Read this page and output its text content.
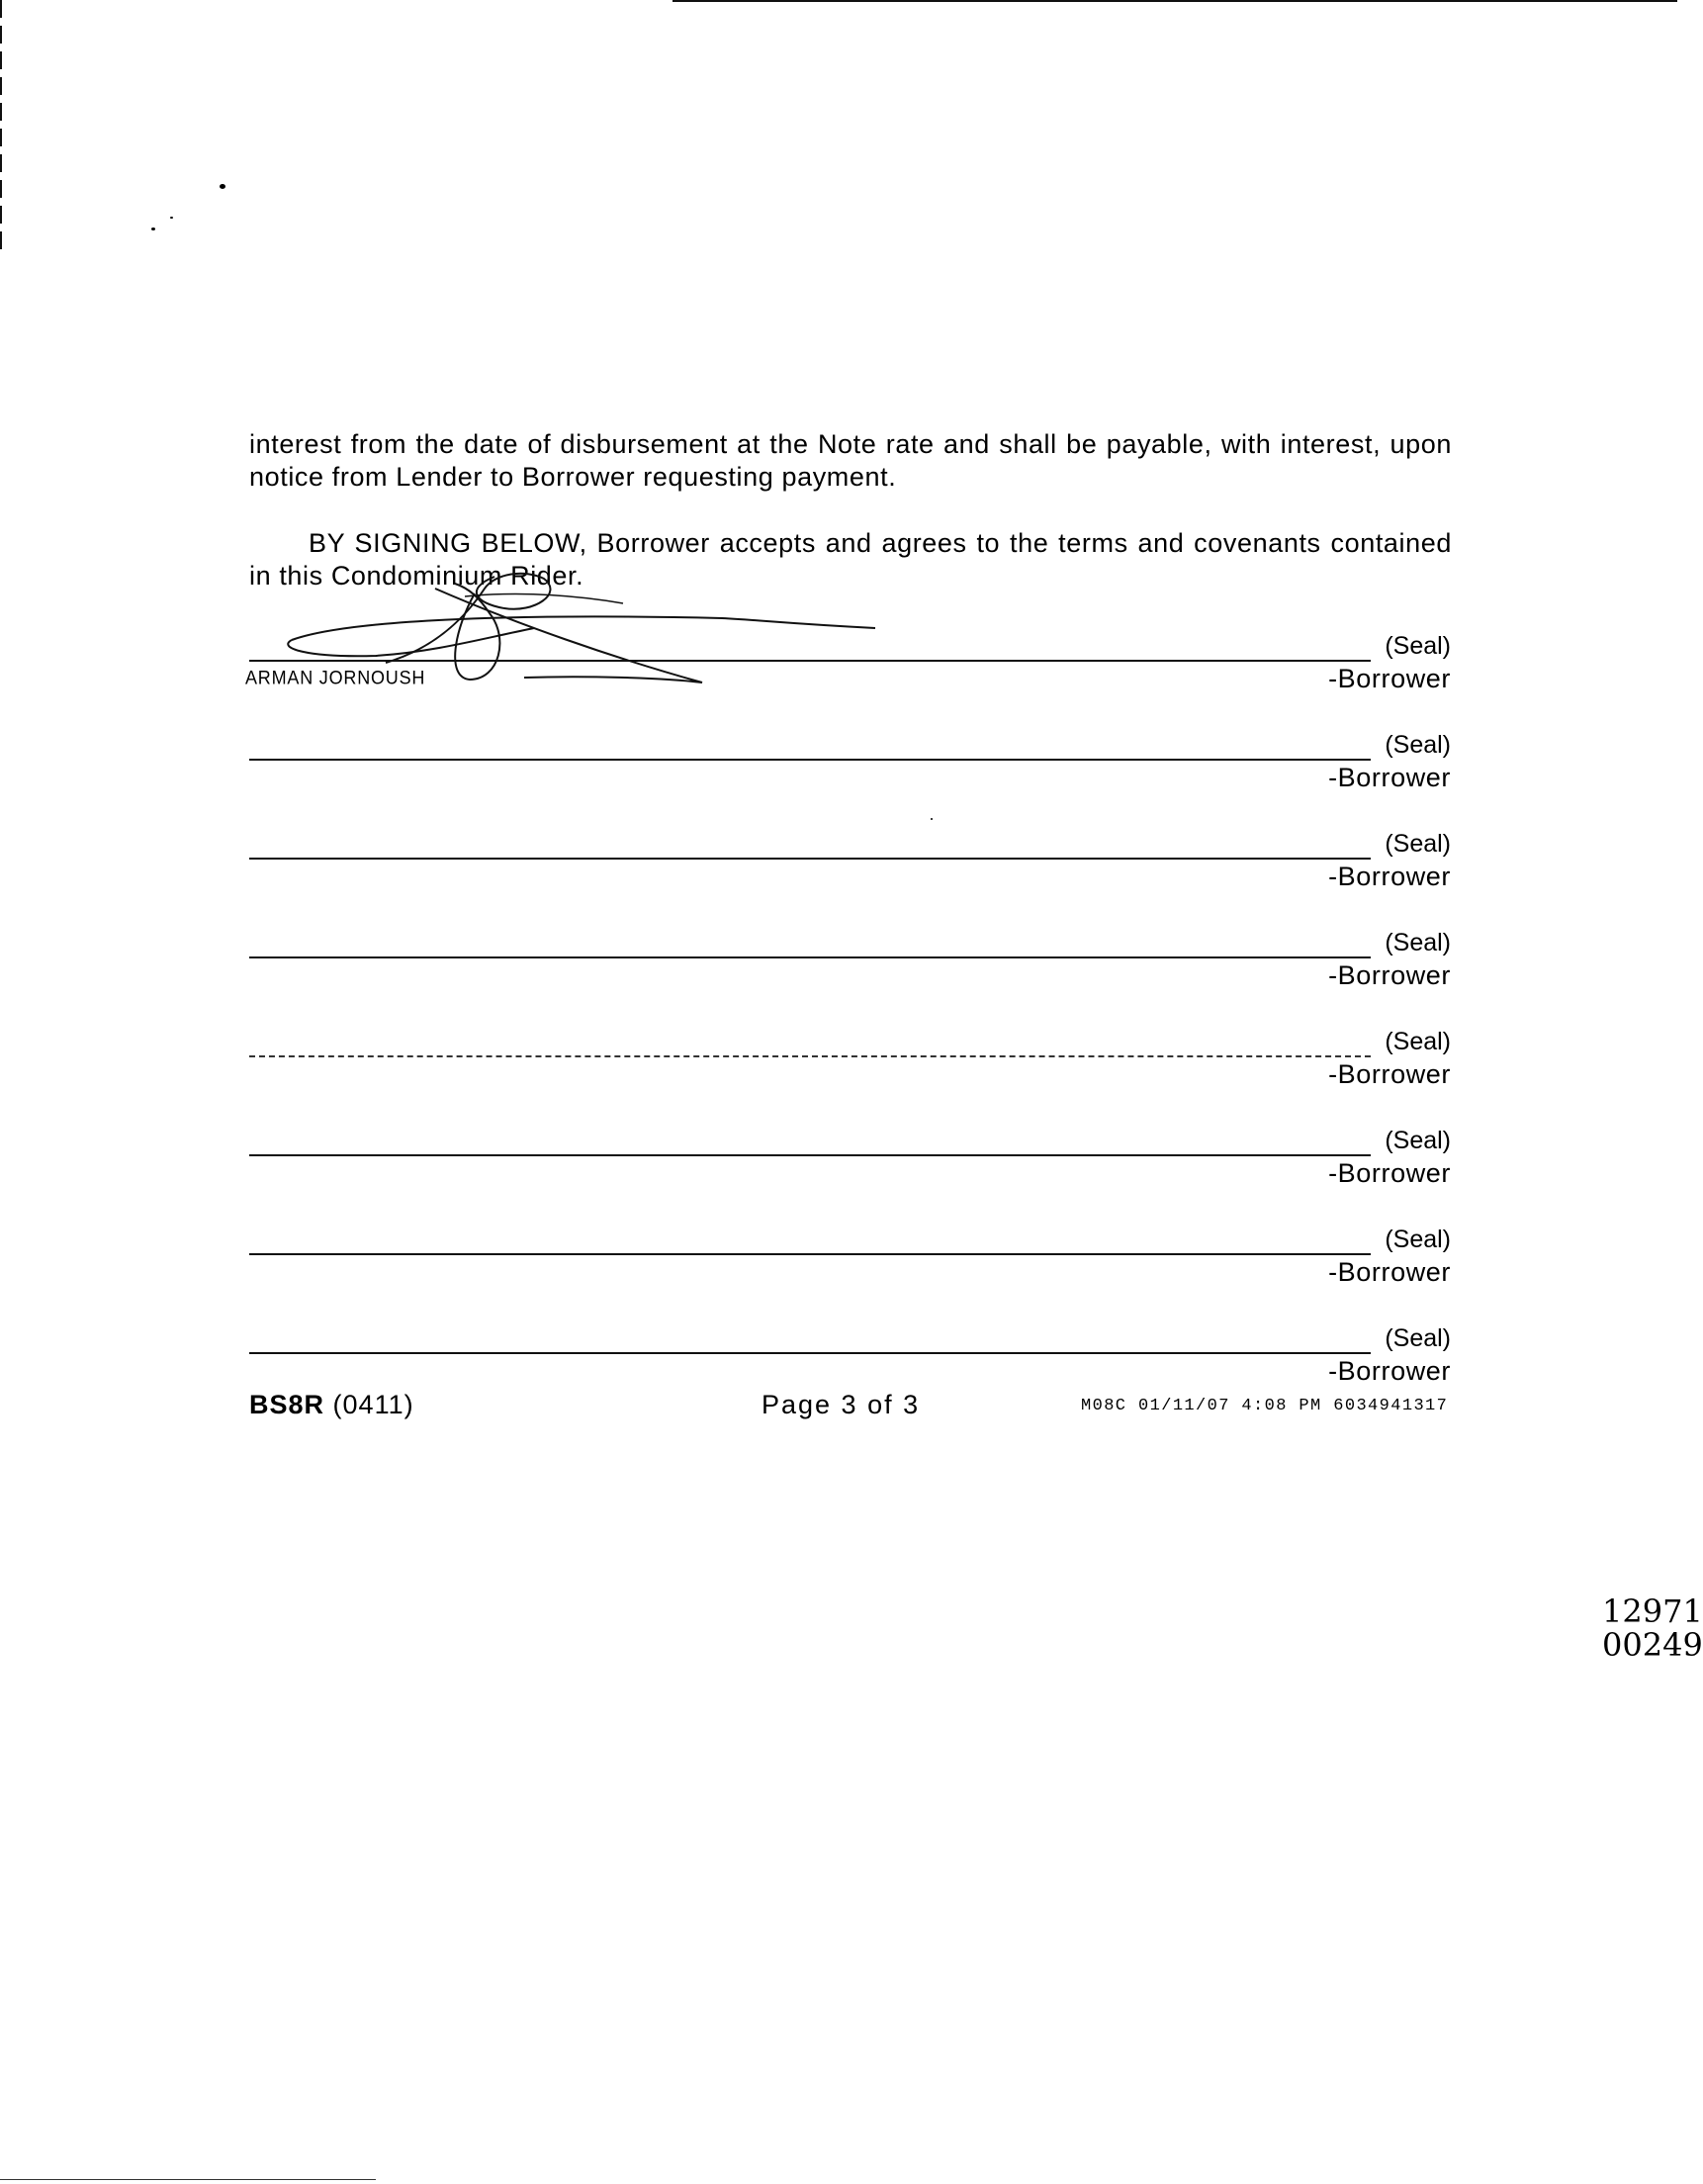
interest from the date of disbursement at the Note rate and shall be payable, with interest, upon notice from Lender to Borrower requesting payment.

BY SIGNING BELOW, Borrower accepts and agrees to the terms and covenants contained in this Condominium Rider.

(Seal)
ARMAN JORNOUSH	-Borrower
(Seal)
-Borrower
(Seal)
-Borrower
(Seal)
-Borrower
(Seal)
-Borrower
(Seal)
-Borrower
(Seal)
-Borrower
(Seal)
-Borrower
BS8R (0411)	Page 3 of 3	M08C 01/11/07 4:08 PM 6034941317
12971
00249
